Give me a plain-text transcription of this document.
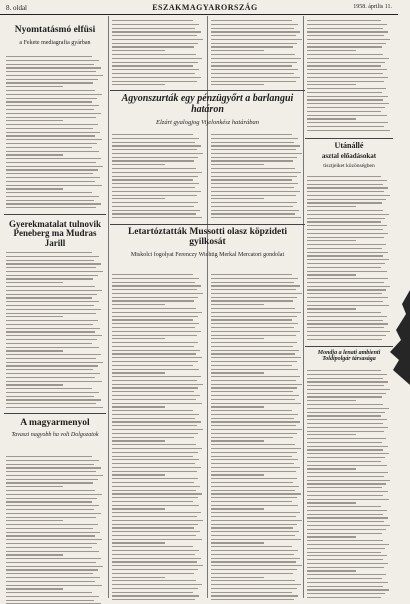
8. oldal	ESZAKMAGYARORSZÁG	1958. április 11.
Nyomtatásmó elfüsi
a Fekete mediagrafia gyárban
Gyerekmatalat tulnovik Peneberg ma Mudras Jarill
A magyarmenyol
Tavaszi nagyobb ha volt Dolgozatok
Agyonszurták egy pénzügyőrt a barlangui határon
Elzárt gyalogjog Vijelonkész határában
Letartóztatták Mussotti olasz köpzideti gyilkosát
Miskolci fogolyat Ferenczy Wichtig Merkal Mercatori gondolat
Utánállé
asztal előadásokat
tisztjeiket közönségben
Mondja a lenati ambienti Toldipolgár társasága
